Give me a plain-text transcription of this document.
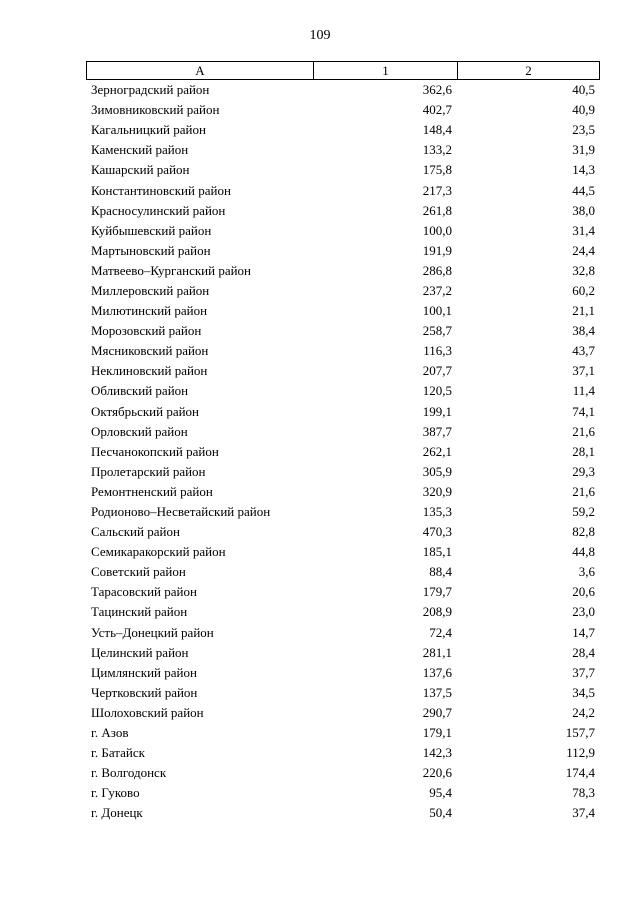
109
А	1	2
Зерноградский район	362,6	40,5
Зимовниковский район	402,7	40,9
Кагальницкий район	148,4	23,5
Каменский район	133,2	31,9
Кашарский район	175,8	14,3
Константиновский район	217,3	44,5
Красносулинский район	261,8	38,0
Куйбышевский район	100,0	31,4
Мартыновский район	191,9	24,4
Матвеево–Курганский район	286,8	32,8
Миллеровский район	237,2	60,2
Милютинский район	100,1	21,1
Морозовский район	258,7	38,4
Мясниковский район	116,3	43,7
Неклиновский район	207,7	37,1
Обливский район	120,5	11,4
Октябрьский район	199,1	74,1
Орловский район	387,7	21,6
Песчанокопский район	262,1	28,1
Пролетарский район	305,9	29,3
Ремонтненский район	320,9	21,6
Родионово–Несветайский район	135,3	59,2
Сальский район	470,3	82,8
Семикаракорский район	185,1	44,8
Советский район	88,4	3,6
Тарасовский район	179,7	20,6
Тацинский район	208,9	23,0
Усть–Донецкий район	72,4	14,7
Целинский район	281,1	28,4
Цимлянский район	137,6	37,7
Чертковский район	137,5	34,5
Шолоховский район	290,7	24,2
г. Азов	179,1	157,7
г. Батайск	142,3	112,9
г. Волгодонск	220,6	174,4
г. Гуково	95,4	78,3
г. Донецк	50,4	37,4
